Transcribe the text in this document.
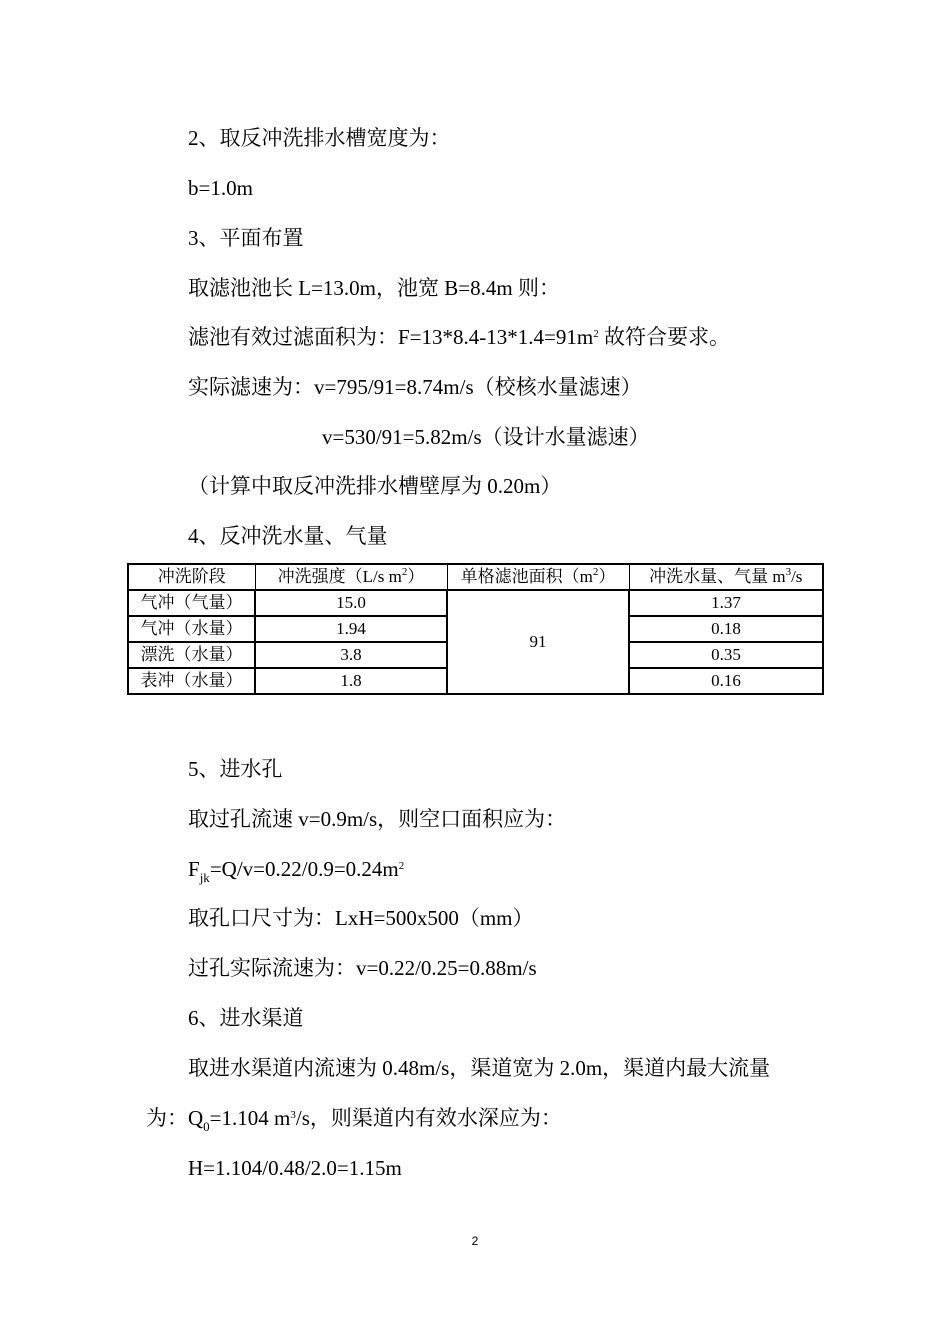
2、取反冲洗排水槽宽度为：
b=1.0m
3、平面布置
取滤池池长 L=13.0m，池宽 B=8.4m 则：
滤池有效过滤面积为：$F=13*8.4-13*1.4=91m^2$ 故符合要求。
实际滤速为：v=795/91=8.74m/s（校核水量滤速）
v=530/91=5.82m/s（设计水量滤速）
（计算中取反冲洗排水槽壁厚为 0.20m）
4、反冲洗水量、气量
冲洗阶段	冲洗强度（L/s $m^2$）	单格滤池面积$(m^2)$	冲洗水量、气量 $m^3/s$
气冲（气量）	15.0	91	1.37
气冲（水量）	1.94		0.18
漂洗（水量）	3.8		0.35
表冲（水量）	1.8		0.16
5、进水孔
取过孔流速 v=0.9m/s，则空口面积应为：
$F_{jk}=Q/v=0.22/0.9=0.24m^2$
取孔口尺寸为：LxH=500x500（mm）
过孔实际流速为：v=0.22/0.25=0.88m/s
6、进水渠道
取进水渠道内流速为 0.48m/s，渠道宽为 2.0m，渠道内最大流量
为：$Q_0=1.104$ $m^3/s$，则渠道内有效水深应为：
H=1.104/0.48/2.0=1.15m
2
